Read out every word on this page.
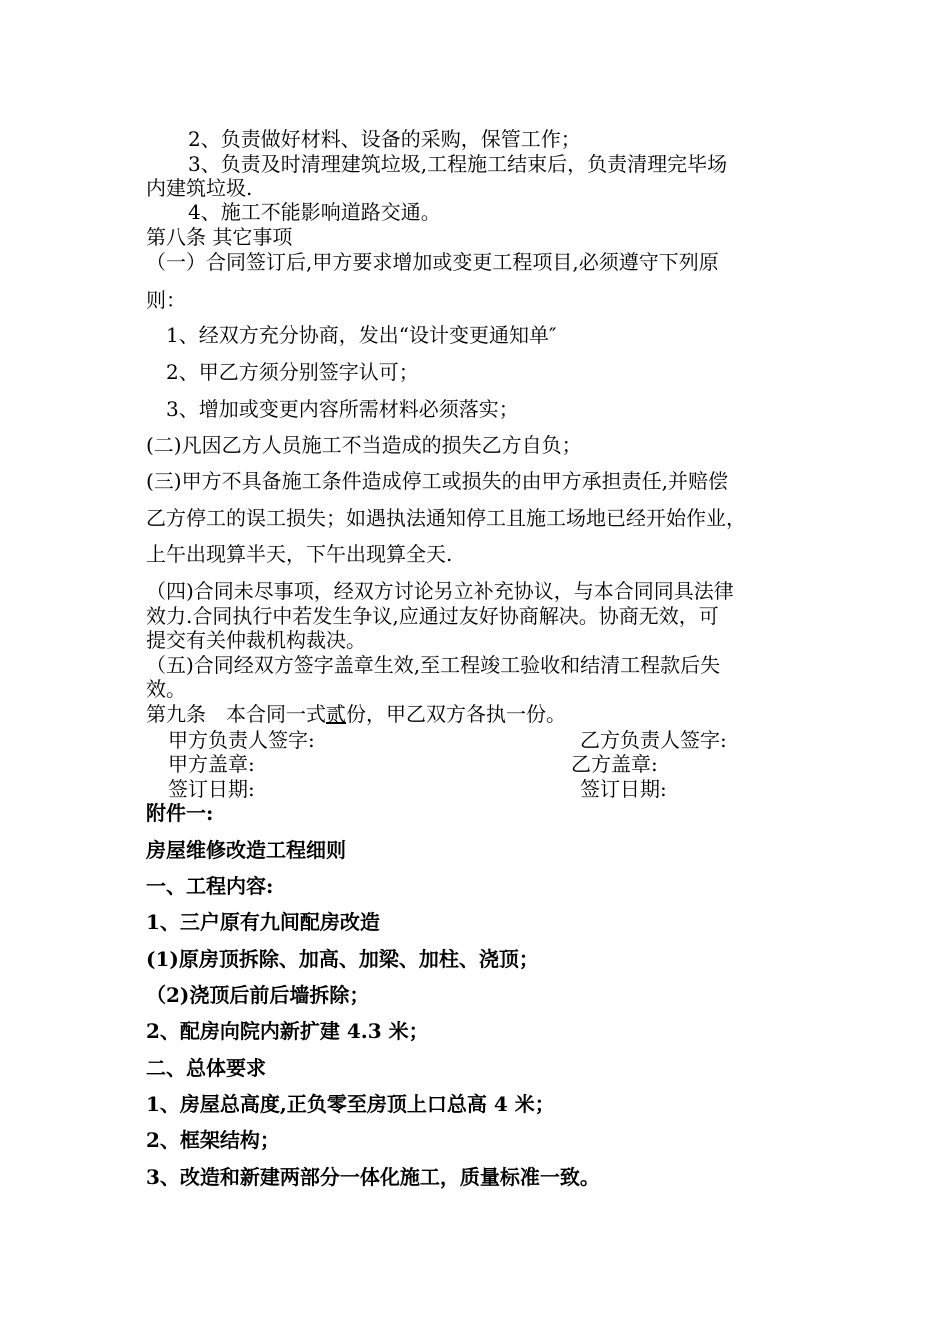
2、负责做好材料、设备的采购，保管工作；
3、负责及时清理建筑垃圾,工程施工结束后，负责清理完毕场
内建筑垃圾.
4、施工不能影响道路交通。
第八条 其它事项
（一）合同签订后,甲方要求增加或变更工程项目,必须遵守下列原
则：
1、经双方充分协商，发出“设计变更通知单″
2、甲乙方须分别签字认可；
3、增加或变更内容所需材料必须落实；
(二)凡因乙方人员施工不当造成的损失乙方自负；
(三)甲方不具备施工条件造成停工或损失的由甲方承担责任,并赔偿
乙方停工的误工损失；如遇执法通知停工且施工场地已经开始作业，
上午出现算半天，下午出现算全天.
（四)合同未尽事项，经双方讨论另立补充协议，与本合同同具法律
效力.合同执行中若发生争议,应通过友好协商解决。协商无效，可
提交有关仲裁机构裁决。
（五)合同经双方签字盖章生效,至工程竣工验收和结清工程款后失
效。
第九条　本合同一式贰份，甲乙双方各执一份。
甲方负责人签字:	乙方负责人签字:
甲方盖章:	乙方盖章:
签订日期:	签订日期:
附件一:
房屋维修改造工程细则
一、工程内容:
1、三户原有九间配房改造
(1)原房顶拆除、加高、加梁、加柱、浇顶；
（2)浇顶后前后墙拆除；
2、配房向院内新扩建 4.3 米；
二、总体要求
1、房屋总高度,正负零至房顶上口总高 4 米；
2、框架结构；
3、改造和新建两部分一体化施工，质量标准一致。
